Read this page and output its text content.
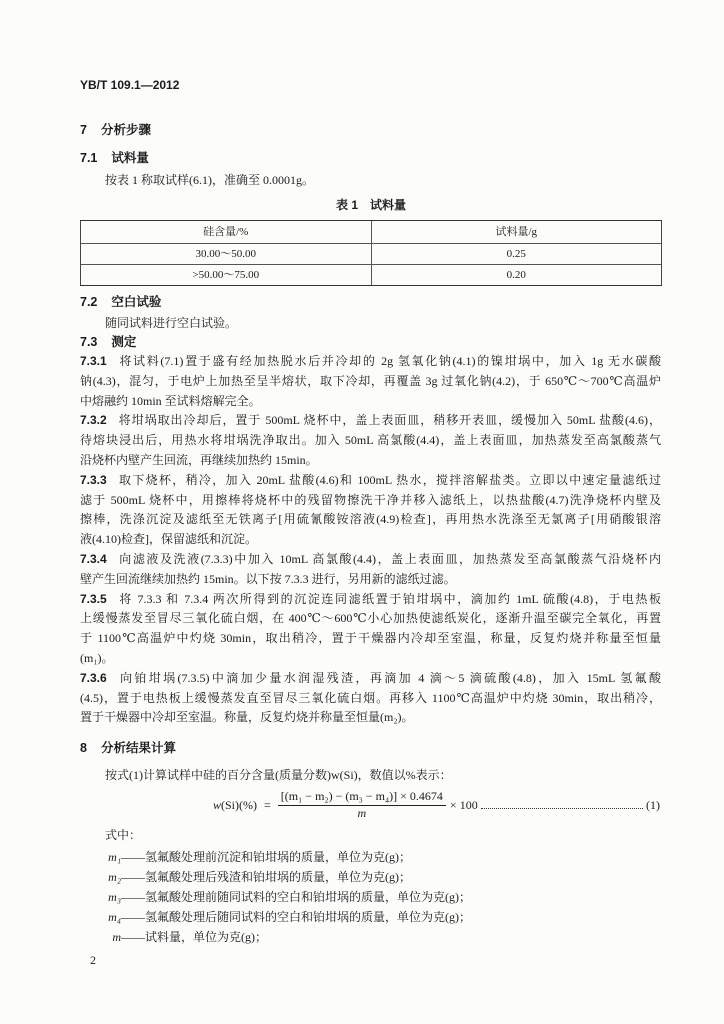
YB/T 109.1—2012
7 分析步骤
7.1 试料量
按表 1 称取试样(6.1)，准确至 0.0001g。
表 1 试料量
硅含量/%	试料量/g
30.00～50.00	0.25
>50.00～75.00	0.20
7.2 空白试验
随同试料进行空白试验。
7.3 测定
7.3.1 将试料(7.1)置于盛有经加热脱水后并冷却的 2g 氢氧化钠(4.1)的镍坩埚中，加入 1g 无水碳酸
钠(4.3)，混匀，于电炉上加热至呈半熔状，取下冷却，再覆盖 3g 过氧化钠(4.2)，于 650℃～700℃高温炉
中熔融约 10min 至试料熔解完全。
7.3.2 将坩埚取出冷却后，置于 500mL 烧杯中，盖上表面皿，稍移开表皿，缓慢加入 50mL 盐酸(4.6)，
待熔块浸出后，用热水将坩埚洗净取出。加入 50mL 高氯酸(4.4)，盖上表面皿，加热蒸发至高氯酸蒸气
沿烧杯内壁产生回流，再继续加热约 15min。
7.3.3 取下烧杯，稍冷，加入 20mL 盐酸(4.6)和 100mL 热水，搅拌溶解盐类。立即以中速定量滤纸过
滤于 500mL 烧杯中，用擦棒将烧杯中的残留物擦洗干净并移入滤纸上，以热盐酸(4.7)洗净烧杯内壁及
擦棒，洗涤沉淀及滤纸至无铁离子[用硫氰酸铵溶液(4.9)检查]，再用热水洗涤至无氯离子[用硝酸银溶
液(4.10)检查]，保留滤纸和沉淀。
7.3.4 向滤液及洗液(7.3.3)中加入 10mL 高氯酸(4.4)，盖上表面皿，加热蒸发至高氯酸蒸气沿烧杯内
壁产生回流继续加热约 15min。以下按 7.3.3 进行，另用新的滤纸过滤。
7.3.5 将 7.3.3 和 7.3.4 两次所得到的沉淀连同滤纸置于铂坩埚中，滴加约 1mL 硫酸(4.8)，于电热板
上缓慢蒸发至冒尽三氧化硫白烟，在 400℃～600℃小心加热使滤纸炭化，逐渐升温至碳完全氧化，再置
于 1100℃高温炉中灼烧 30min，取出稍冷，置于干燥器内冷却至室温，称量，反复灼烧并称量至恒量
(m₁)。
7.3.6 向铂坩埚(7.3.5)中滴加少量水润湿残渣，再滴加 4 滴～5 滴硫酸(4.8)，加入 15mL 氢氟酸
(4.5)，置于电热板上缓慢蒸发直至冒尽三氧化硫白烟。再移入 1100℃高温炉中灼烧 30min，取出稍冷，
置于干燥器中冷却至室温。称量，反复灼烧并称量至恒量(m₂)。
8 分析结果计算
按式(1)计算试样中硅的百分含量(质量分数)w(Si)，数值以%表示：
$w(Si)(\%) = \frac{\text{[(m₁ − m₂) − (m₃ − m₄)] × 0.4674}}{m} \times 100$	(1)
式中：
m₁——氢氟酸处理前沉淀和铂坩埚的质量，单位为克(g)；
m₂——氢氟酸处理后残渣和铂坩埚的质量，单位为克(g)；
m₃——氢氟酸处理前随同试料的空白和铂坩埚的质量，单位为克(g)；
m₄——氢氟酸处理后随同试料的空白和铂坩埚的质量，单位为克(g)；
m——试料量，单位为克(g)；
2
